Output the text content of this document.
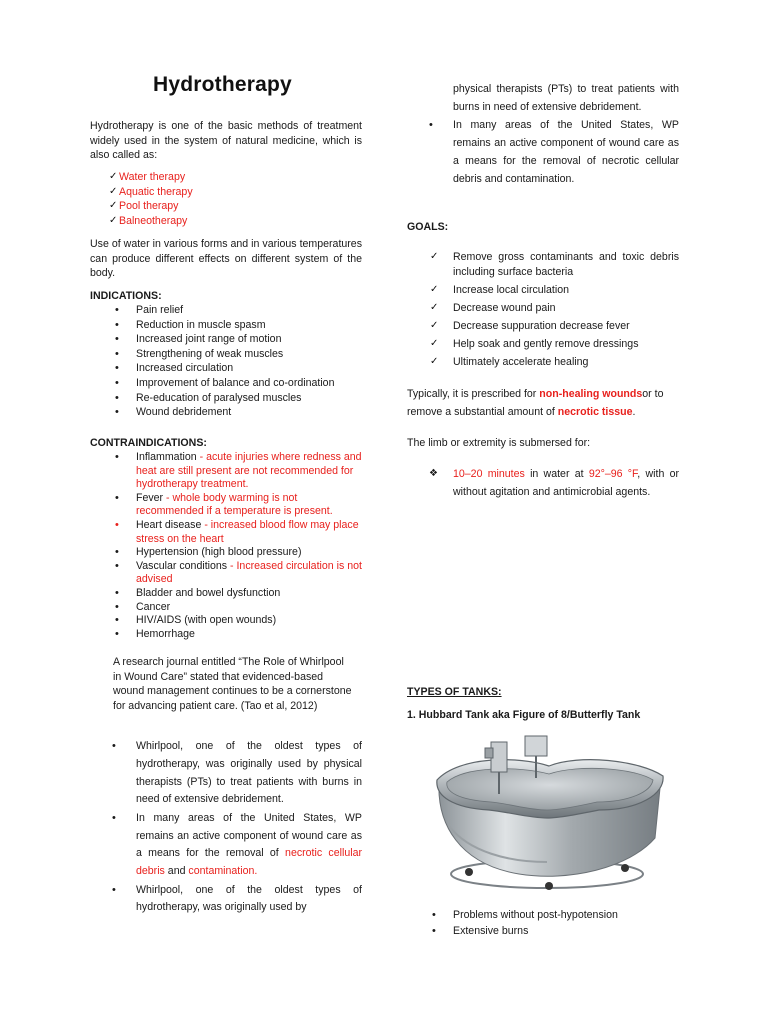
Hydrotherapy
Hydrotherapy is one of the basic methods of treatment widely used in the system of natural medicine, which is also called as:
✓ Water therapy
✓ Aquatic therapy
✓ Pool therapy
✓ Balneotherapy
Use of water in various forms and in various temperatures can produce different effects on different system of the body.
INDICATIONS:
• Pain relief
• Reduction in muscle spasm
• Increased joint range of motion
• Strengthening of weak muscles
• Increased circulation
• Improvement of balance and co-ordination
• Re-education of paralysed muscles
• Wound debridement
CONTRAINDICATIONS:
• Inflammation - acute injuries where redness and heat are still present are not recommended for hydrotherapy treatment.
• Fever - whole body warming is not recommended if a temperature is present.
• Heart disease - increased blood flow may place stress on the heart
• Hypertension (high blood pressure)
• Vascular conditions - Increased circulation is not advised
• Bladder and bowel dysfunction
• Cancer
• HIV/AIDS (with open wounds)
• Hemorrhage
A research journal entitled “The Role of Whirlpool in Wound Care” stated that evidenced-based wound management continues to be a cornerstone for advancing patient care. (Tao et al, 2012)
• Whirlpool, one of the oldest types of hydrotherapy, was originally used by physical therapists (PTs) to treat patients with burns in need of extensive debridement.
• In many areas of the United States, WP remains an active component of wound care as a means for the removal of necrotic cellular debris and contamination.
• Whirlpool, one of the oldest types of hydrotherapy, was originally used by
physical therapists (PTs) to treat patients with burns in need of extensive debridement.
• In many areas of the United States, WP remains an active component of wound care as a means for the removal of necrotic cellular debris and contamination.
GOALS:
✓ Remove gross contaminants and toxic debris including surface bacteria
✓ Increase local circulation
✓ Decrease wound pain
✓ Decrease suppuration decrease fever
✓ Help soak and gently remove dressings
✓ Ultimately accelerate healing
Typically, it is prescribed for non-healing woundsor to remove a substantial amount of necrotic tissue.
The limb or extremity is submersed for:
❖ 10–20 minutes in water at 92°–96 °F, with or without agitation and antimicrobial agents.
TYPES OF TANKS:
1. Hubbard Tank aka Figure of 8/Butterfly Tank
• Problems without post-hypotension
• Extensive burns
